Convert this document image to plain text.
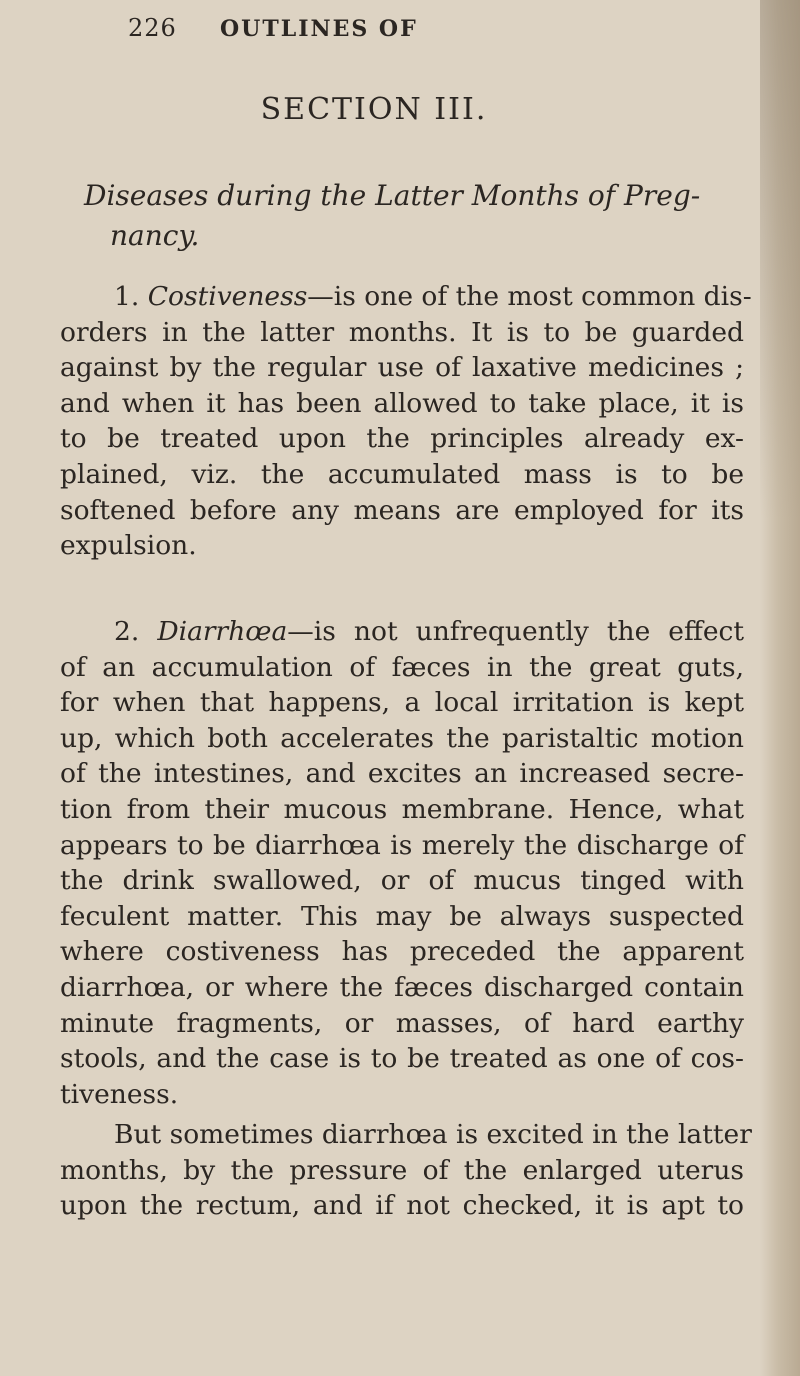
226 OUTLINES OF
SECTION III.
Diseases during the Latter Months of Preg-
nancy.
1. Costiveness—is one of the most common dis-
orders in the latter months. It is to be guarded
against by the regular use of laxative medicines ;
and when it has been allowed to take place, it is
to be treated upon the principles already ex-
plained, viz. the accumulated mass is to be
softened before any means are employed for its
expulsion.
2. Diarrhœa—is not unfrequently the effect
of an accumulation of fæces in the great guts,
for when that happens, a local irritation is kept
up, which both accelerates the paristaltic motion
of the intestines, and excites an increased secre-
tion from their mucous membrane. Hence, what
appears to be diarrhœa is merely the discharge of
the drink swallowed, or of mucus tinged with
feculent matter. This may be always suspected
where costiveness has preceded the apparent
diarrhœa, or where the fæces discharged contain
minute fragments, or masses, of hard earthy
stools, and the case is to be treated as one of cos-
tiveness.
But sometimes diarrhœa is excited in the latter
months, by the pressure of the enlarged uterus
upon the rectum, and if not checked, it is apt to
